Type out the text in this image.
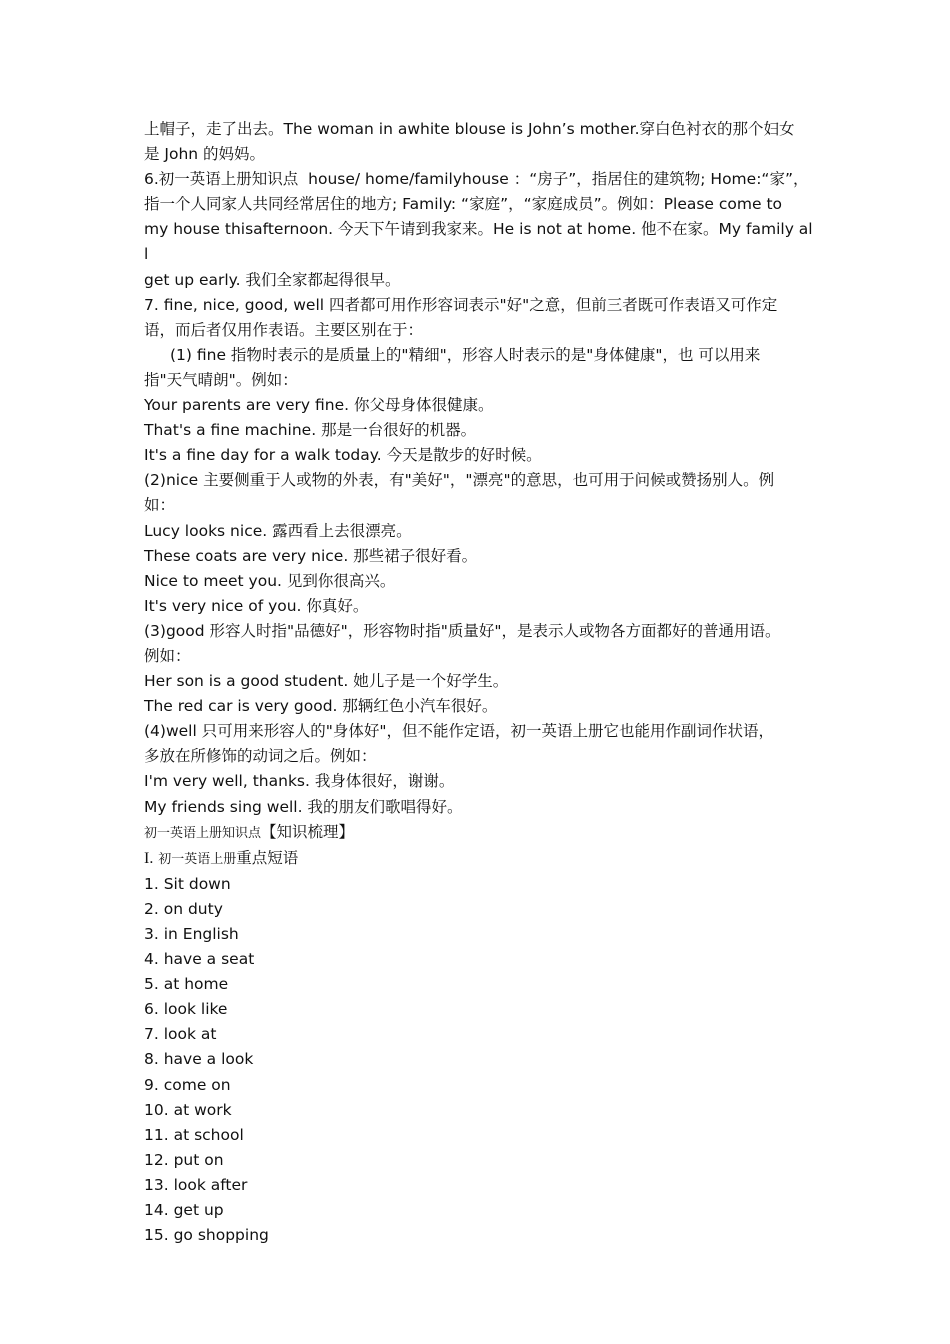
上帽子，走了出去。The woman in awhite blouse is John’s mother.穿白色衬衣的那个妇女
是 John 的妈妈。
6.初一英语上册知识点  house/ home/familyhouse ：“房子”，指居住的建筑物; Home:“家”，
指一个人同家人共同经常居住的地方; Family: “家庭”，“家庭成员”。例如：Please come to
my house thisafternoon. 今天下午请到我家来。He is not at home. 他不在家。My family all
get up early. 我们全家都起得很早。
7. fine, nice, good, well 四者都可用作形容词表示"好"之意，但前三者既可作表语又可作定
语，而后者仅用作表语。主要区别在于：
(1) fine 指物时表示的是质量上的"精细"，形容人时表示的是"身体健康"，也 可以用来
指"天气晴朗"。例如：
Your parents are very fine. 你父母身体很健康。
That's a fine machine. 那是一台很好的机器。
It's a fine day for a walk today. 今天是散步的好时候。
(2)nice 主要侧重于人或物的外表，有"美好"，"漂亮"的意思，也可用于问候或赞扬别人。例
如：
Lucy looks nice. 露西看上去很漂亮。
These coats are very nice. 那些裙子很好看。
Nice to meet you. 见到你很高兴。
It's very nice of you. 你真好。
(3)good 形容人时指"品德好"，形容物时指"质量好"，是表示人或物各方面都好的普通用语。
例如：
Her son is a good student. 她儿子是一个好学生。
The red car is very good. 那辆红色小汽车很好。
(4)well 只可用来形容人的"身体好"，但不能作定语，初一英语上册它也能用作副词作状语，
多放在所修饰的动词之后。例如：
I'm very well, thanks. 我身体很好，谢谢。
My friends sing well. 我的朋友们歌唱得好。
初一英语上册知识点【知识梳理】
I. 初一英语上册重点短语
1. Sit down
2. on duty
3. in English
4. have a seat
5. at home
6. look like
7. look at
8. have a look
9. come on
10. at work
11. at school
12. put on
13. look after
14. get up
15. go shopping
